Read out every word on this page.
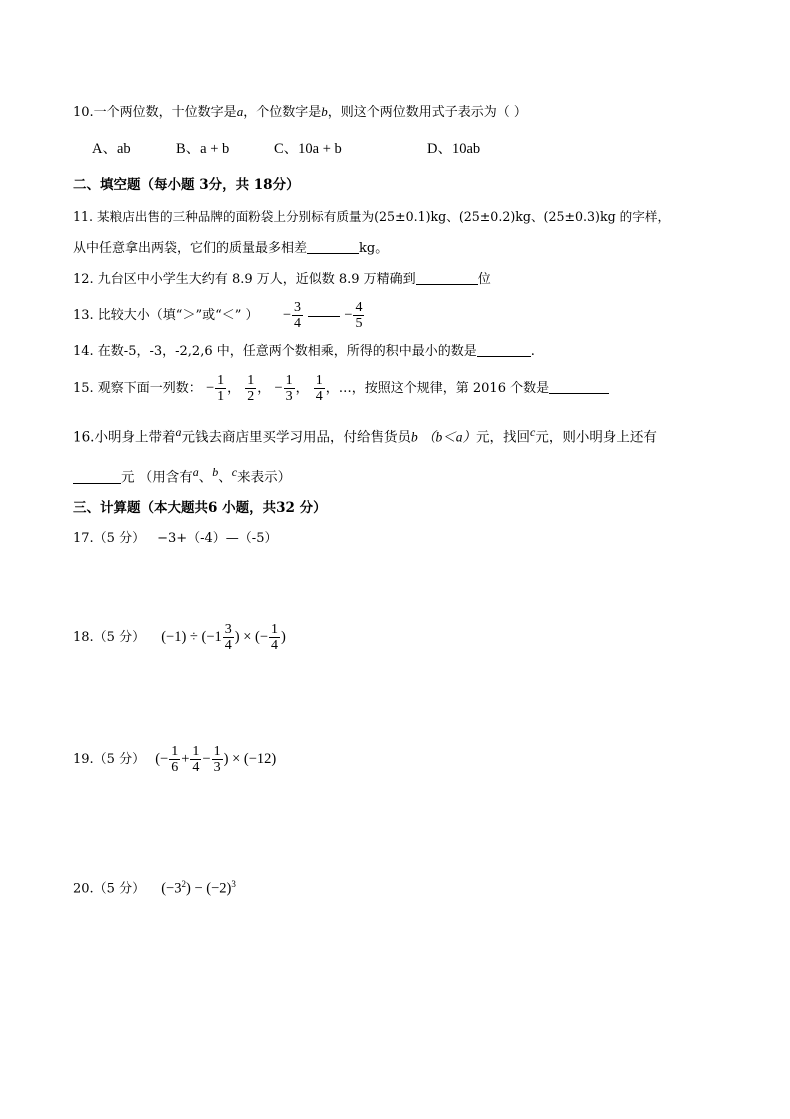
10.一个两位数，十位数字是a，个位数字是b，则这个两位数用式子表示为（ ）
A、ab	B、a + b	C、10a + b	D、10ab
二、填空题（每小题 3分，共 18分）
11. 某粮店出售的三种品牌的面粉袋上分别标有质量为(25±0.1)kg、(25±0.2)kg、(25±0.3)kg 的字样，
从中任意拿出两袋，它们的质量最多相差	kg。
12. 九台区中小学生大约有 8.9 万人，近似数 8.9 万精确到	位
13. 比较大小（填“＞”或“＜” ） − $\frac{3}{4}$	− $\frac{4}{5}$
14. 在数-5，-3，-2,2,6 中，任意两个数相乘，所得的积中最小的数是	.
15. 观察下面一列数： − $\frac{1}{1}$ ， $\frac{1}{2}$ ， − $\frac{1}{3}$ ， $\frac{1}{4}$ ，…，按照这个规律，第 2016 个数是
16.小明身上带着$^a$元钱去商店里买学习用品，付给售货员b （b＜a）元，找回$^c$元，则小明身上还有
元 （用含有$^a$、$^b$、$^c$来表示）
三、计算题（本大题共6 小题，共32 分）
17.（5 分） −3+（-4）—（-5）
18.（5 分） $(-1) \div (-1 \frac{3}{4}$ ) × (− $\frac{1}{4}$ )
19.（5 分） (− $\frac{1}{6} + \frac{1}{4} - \frac{1}{3}$ ) × (−12)
20.（5 分） $(-3^2) - (-2)^3$
